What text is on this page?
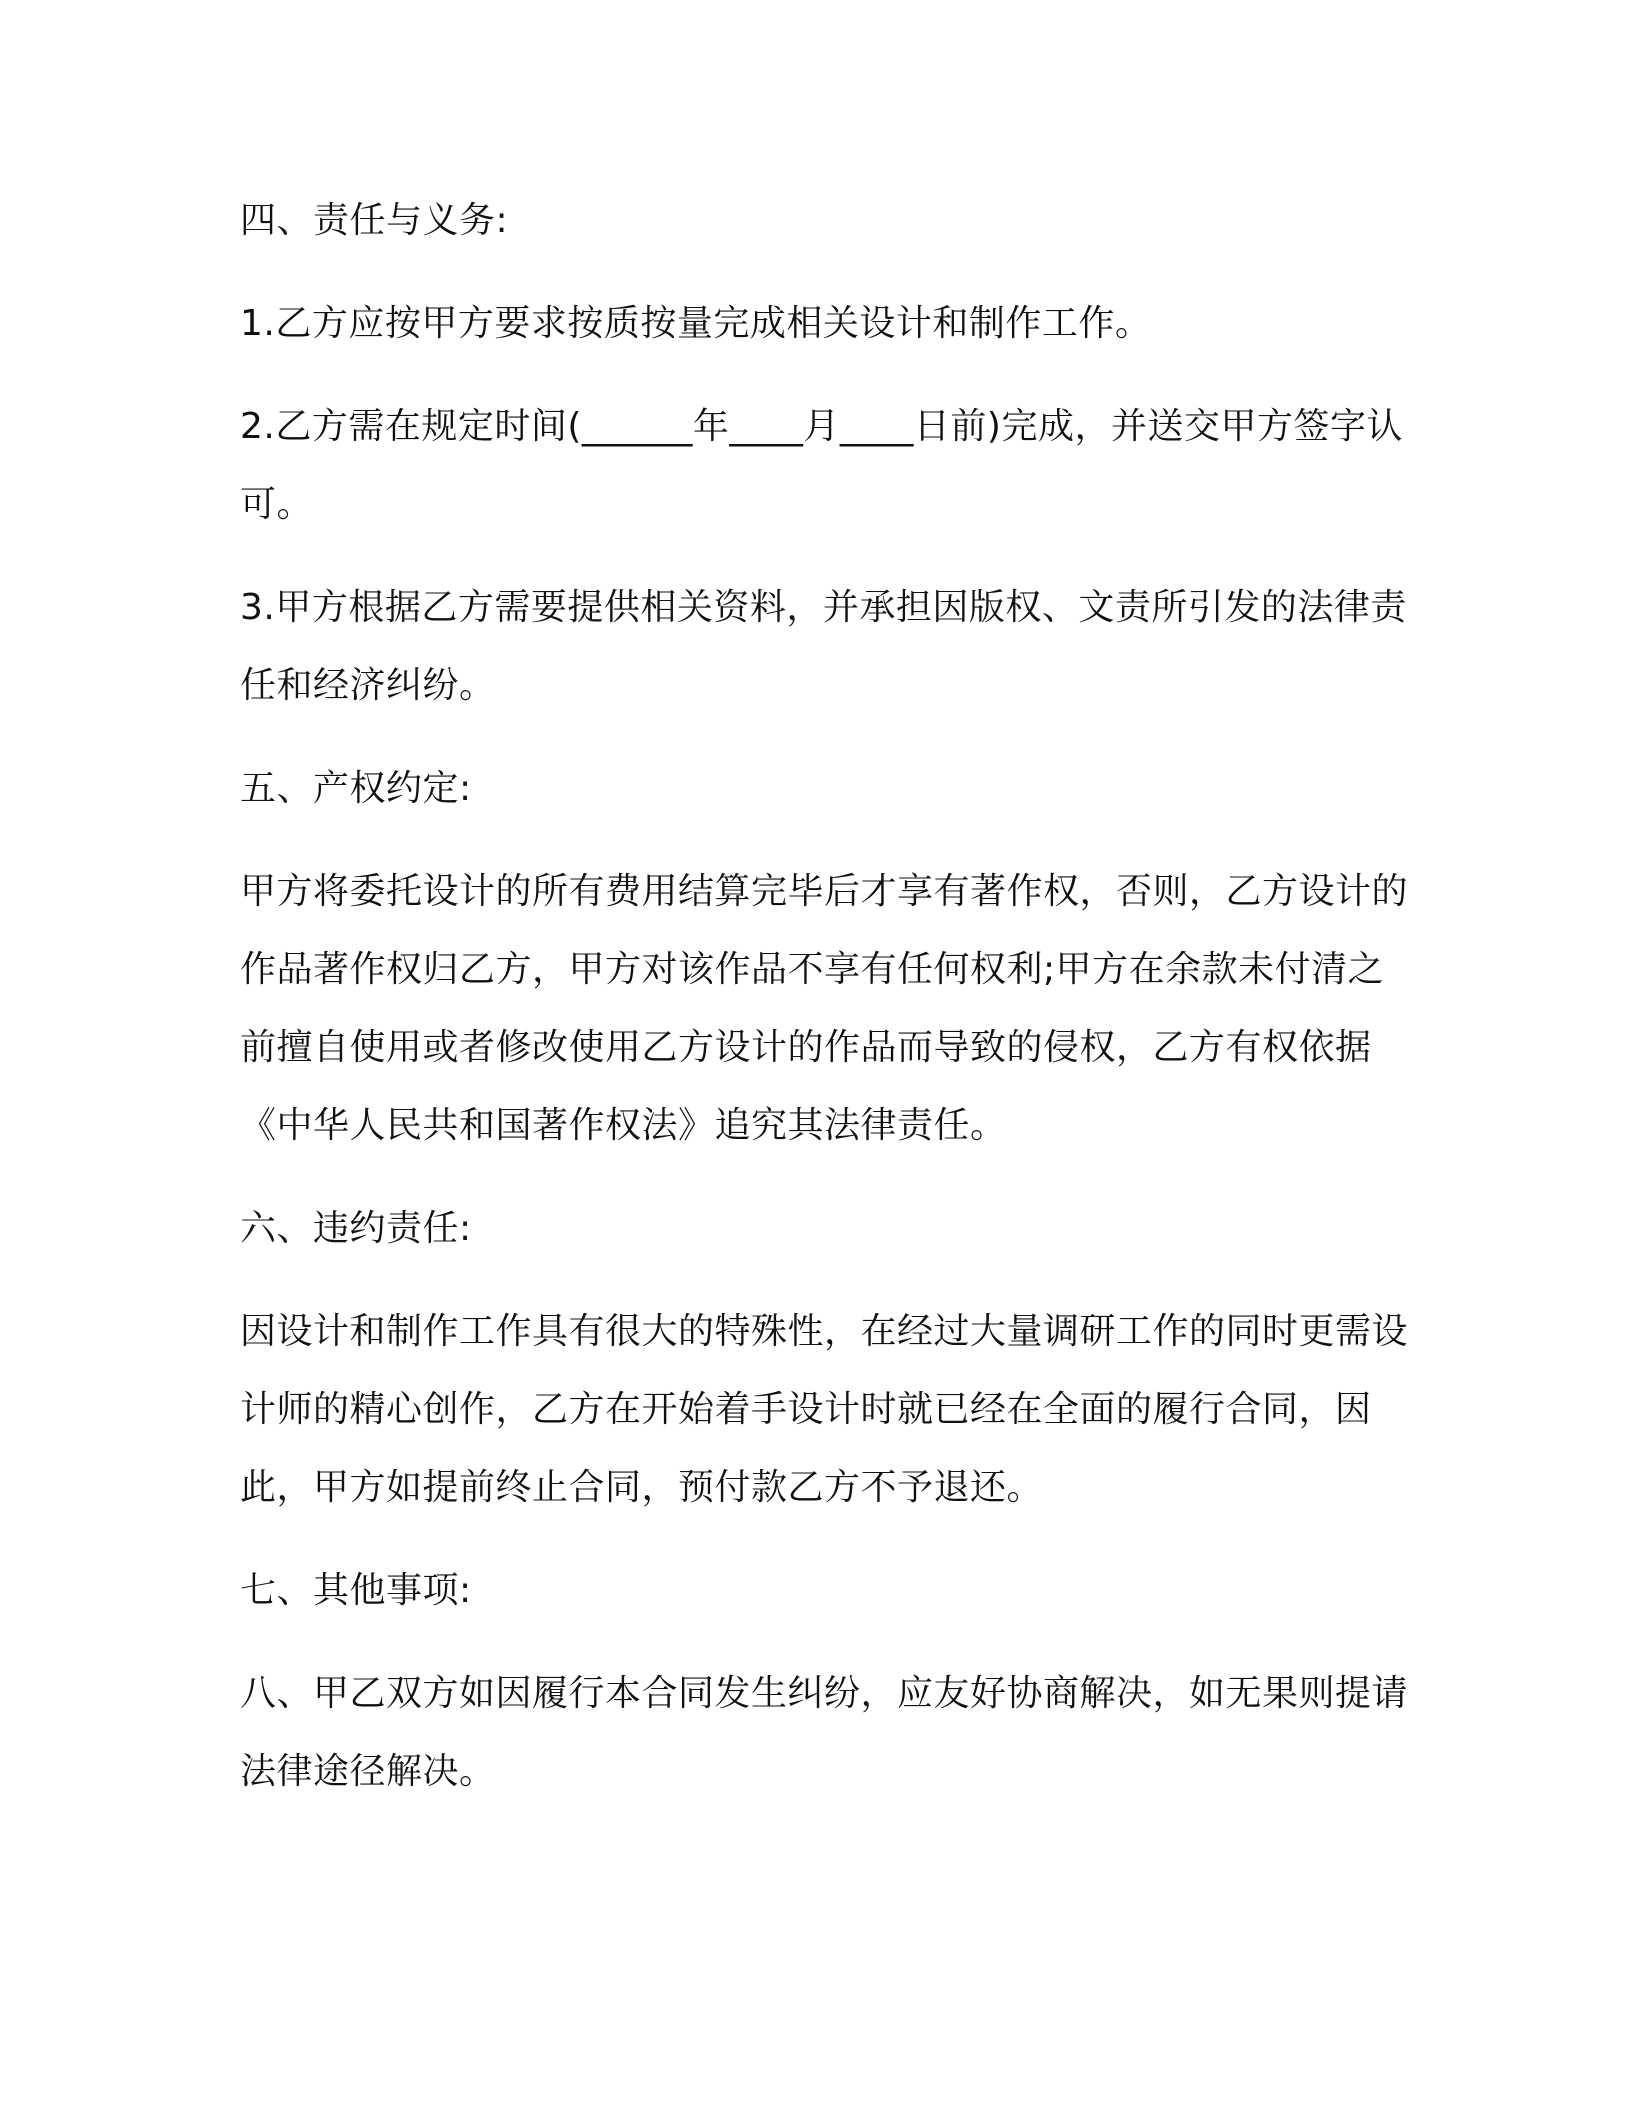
四、责任与义务:

1.乙方应按甲方要求按质按量完成相关设计和制作工作。

2.乙方需在规定时间(______年____月____日前)完成，并送交甲方签字认可。

3.甲方根据乙方需要提供相关资料，并承担因版权、文责所引发的法律责任和经济纠纷。

五、产权约定:

甲方将委托设计的所有费用结算完毕后才享有著作权，否则，乙方设计的作品著作权归乙方，甲方对该作品不享有任何权利;甲方在余款未付清之前擅自使用或者修改使用乙方设计的作品而导致的侵权，乙方有权依据《中华人民共和国著作权法》追究其法律责任。

六、违约责任:

因设计和制作工作具有很大的特殊性，在经过大量调研工作的同时更需设计师的精心创作，乙方在开始着手设计时就已经在全面的履行合同，因此，甲方如提前终止合同，预付款乙方不予退还。

七、其他事项:

八、甲乙双方如因履行本合同发生纠纷，应友好协商解决，如无果则提请法律途径解决。
